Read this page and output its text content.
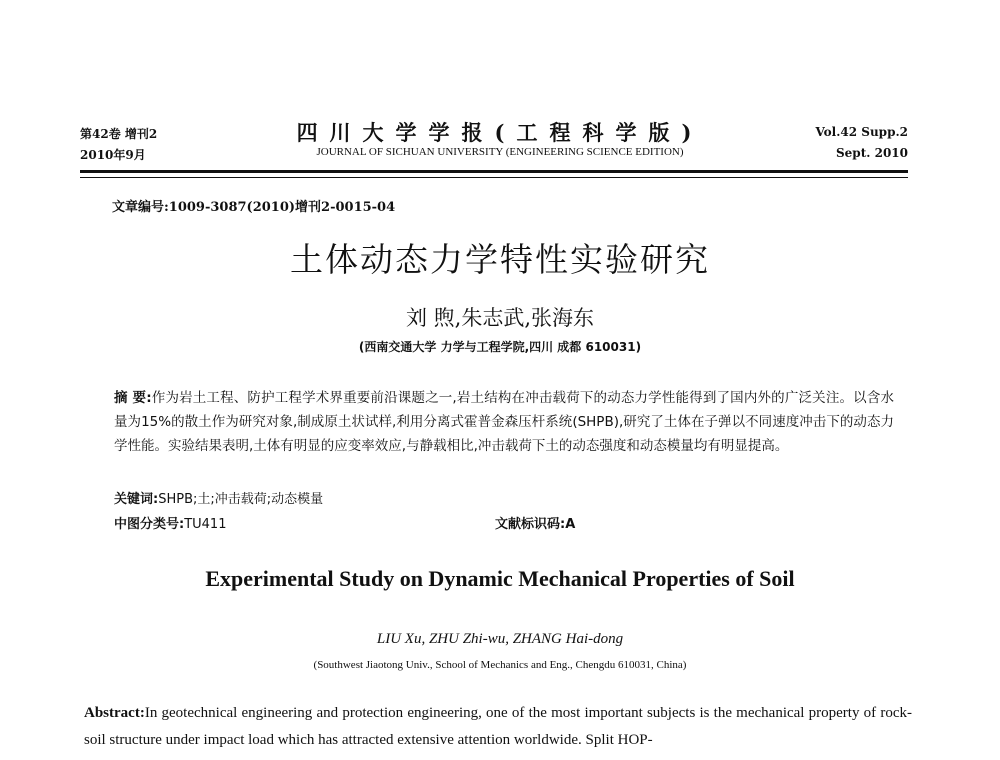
第42卷 增刊2
2010年9月
四川大学学报(工程科学版)
JOURNAL OF SICHUAN UNIVERSITY (ENGINEERING SCIENCE EDITION)
Vol.42 Supp.2
Sept. 2010
文章编号:1009-3087(2010)增刊2-0015-04
土体动态力学特性实验研究
刘 煦,朱志武,张海东
(西南交通大学 力学与工程学院,四川 成都 610031)
摘 要:作为岩土工程、防护工程学术界重要前沿课题之一,岩土结构在冲击载荷下的动态力学性能得到了国内外的广泛关注。以含水量为15%的散土作为研究对象,制成原土状试样,利用分离式霍普金森压杆系统(SHPB),研究了土体在子弹以不同速度冲击下的动态力学性能。实验结果表明,土体有明显的应变率效应,与静载相比,冲击载荷下土的动态强度和动态模量均有明显提高。
关键词:SHPB;土;冲击载荷;动态模量
中图分类号:TU411	文献标识码:A
Experimental Study on Dynamic Mechanical Properties of Soil
LIU Xu, ZHU Zhi-wu, ZHANG Hai-dong
(Southwest Jiaotong Univ., School of Mechanics and Eng., Chengdu 610031, China)
Abstract:In geotechnical engineering and protection engineering, one of the most important subjects is the mechanical property of rock-soil structure under impact load which has attracted extensive attention worldwide. Split HOP-
